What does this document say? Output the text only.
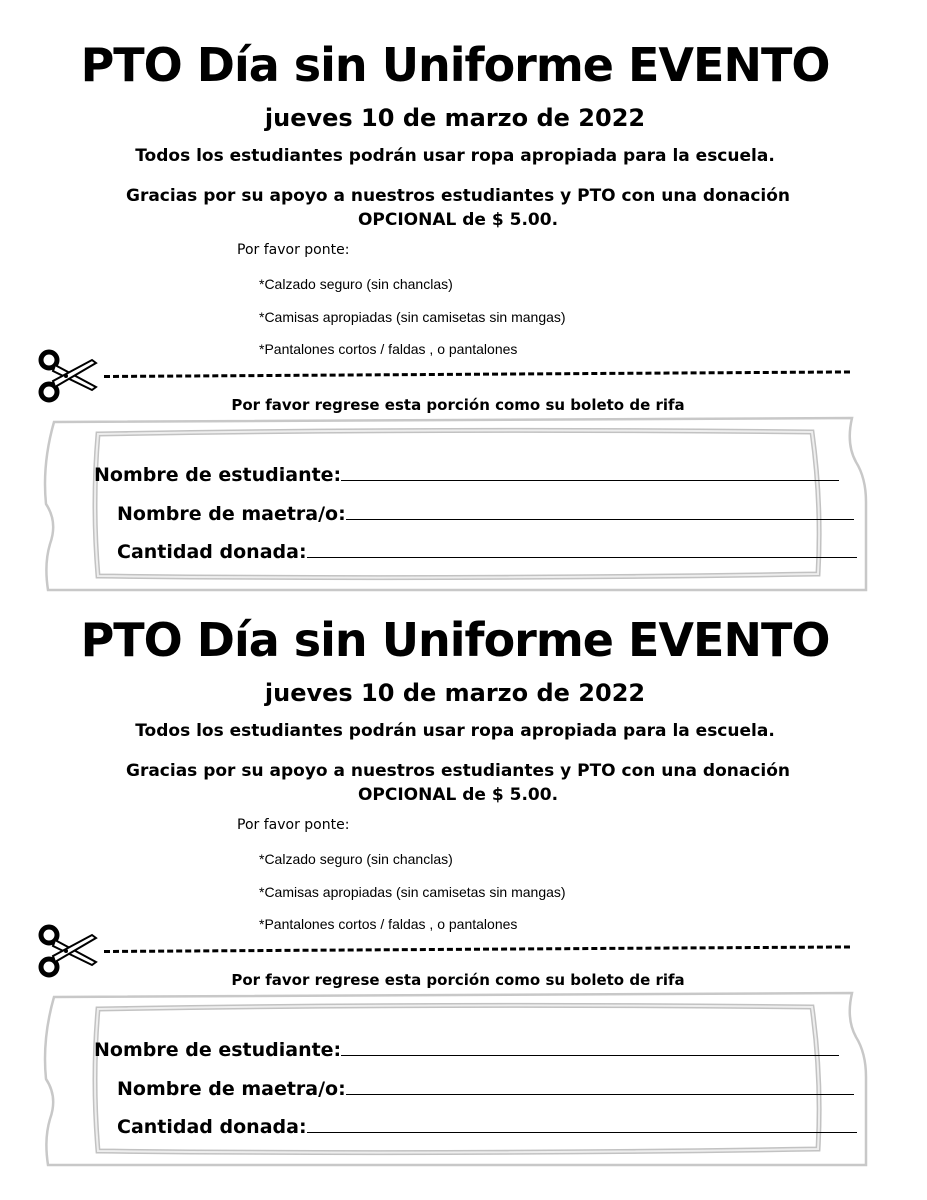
PTO Día sin Uniforme EVENTO
jueves 10 de marzo de 2022
Todos los estudiantes podrán usar ropa apropiada para la escuela.
Gracias por su apoyo a nuestros estudiantes y PTO con una donación
OPCIONAL de $ 5.00.
Por favor ponte:
*Calzado seguro (sin chanclas)
*Camisas apropiadas (sin camisetas sin mangas)
*Pantalones cortos / faldas , o pantalones
Por favor regrese esta porción como su boleto de rifa
Nombre de estudiante:
Nombre de maetra/o:
Cantidad donada:
PTO Día sin Uniforme EVENTO
jueves 10 de marzo de 2022
Todos los estudiantes podrán usar ropa apropiada para la escuela.
Gracias por su apoyo a nuestros estudiantes y PTO con una donación
OPCIONAL de $ 5.00.
Por favor ponte:
*Calzado seguro (sin chanclas)
*Camisas apropiadas (sin camisetas sin mangas)
*Pantalones cortos / faldas , o pantalones
Por favor regrese esta porción como su boleto de rifa
Nombre de estudiante:
Nombre de maetra/o:
Cantidad donada:
